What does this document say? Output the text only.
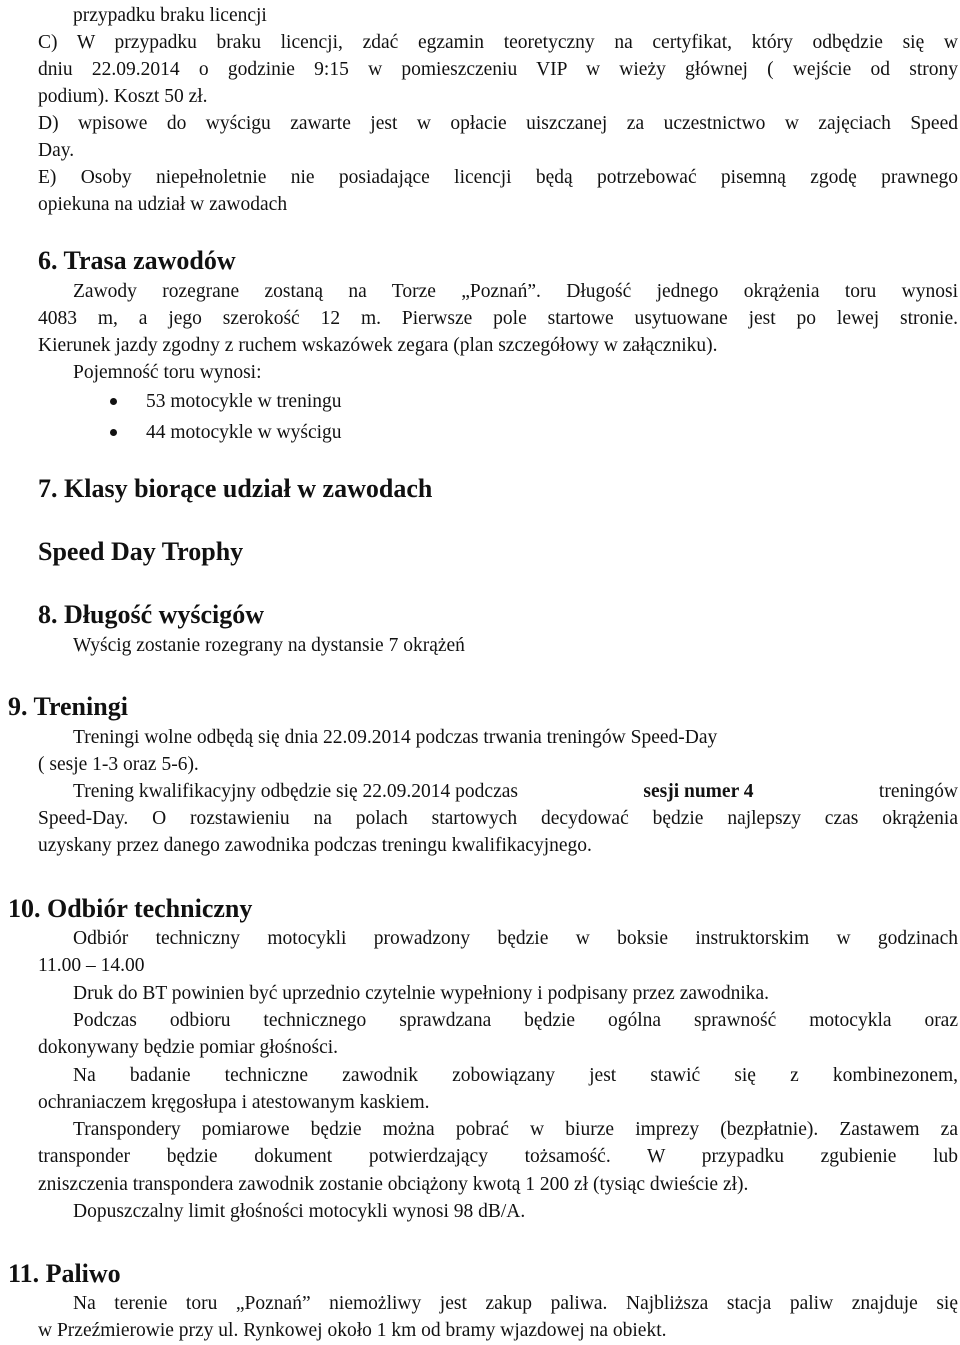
przypadku braku licencji
C) W przypadku braku licencji, zdać egzamin teoretyczny na certyfikat, który odbędzie się w
dniu 22.09.2014 o godzinie 9:15 w pomieszczeniu VIP w wieży głównej ( wejście od strony
podium). Koszt 50 zł.
D) wpisowe do wyścigu zawarte jest w opłacie uiszczanej za uczestnictwo w zajęciach Speed
Day.
E) Osoby niepełnoletnie nie posiadające licencji będą potrzebować pisemną zgodę prawnego
opiekuna na udział w zawodach
6. Trasa zawodów
Zawody rozegrane zostaną na Torze „Poznań”. Długość jednego okrążenia toru wynosi
4083 m, a jego szerokość 12 m. Pierwsze pole startowe usytuowane jest po lewej stronie.
Kierunek jazdy zgodny z ruchem wskazówek zegara (plan szczegółowy w załączniku).
Pojemność toru wynosi:
53 motocykle w treningu
44 motocykle w wyścigu
7. Klasy biorące udział w zawodach
Speed Day Trophy
8. Długość wyścigów
Wyścig zostanie rozegrany na dystansie 7 okrążeń
9. Treningi
Treningi wolne odbędą się dnia 22.09.2014 podczas trwania treningów Speed-Day
( sesje 1-3 oraz 5-6).
Trening kwalifikacyjny odbędzie się 22.09.2014 podczas	sesji numer 4	treningów
Speed-Day. O rozstawieniu na polach startowych decydować będzie najlepszy czas okrążenia
uzyskany przez danego zawodnika podczas treningu kwalifikacyjnego.
10. Odbiór techniczny
Odbiór techniczny motocykli prowadzony będzie w boksie instruktorskim w godzinach
11.00 – 14.00
Druk do BT powinien być uprzednio czytelnie wypełniony i podpisany przez zawodnika.
Podczas odbioru technicznego sprawdzana będzie ogólna sprawność motocykla oraz
dokonywany będzie pomiar głośności.
Na badanie techniczne zawodnik zobowiązany jest stawić się z kombinezonem,
ochraniaczem kręgosłupa i atestowanym kaskiem.
Transpondery pomiarowe będzie można pobrać w biurze imprezy (bezpłatnie). Zastawem za
transponder będzie dokument potwierdzający tożsamość. W przypadku zgubienie lub
zniszczenia transpondera zawodnik zostanie obciążony kwotą 1 200 zł (tysiąc dwieście zł).
Dopuszczalny limit głośności motocykli wynosi 98 dB/A.
11. Paliwo
Na terenie toru „Poznań” niemożliwy jest zakup paliwa. Najbliższa stacja paliw znajduje się
w Przeźmierowie przy ul. Rynkowej około 1 km od bramy wjazdowej na obiekt.
